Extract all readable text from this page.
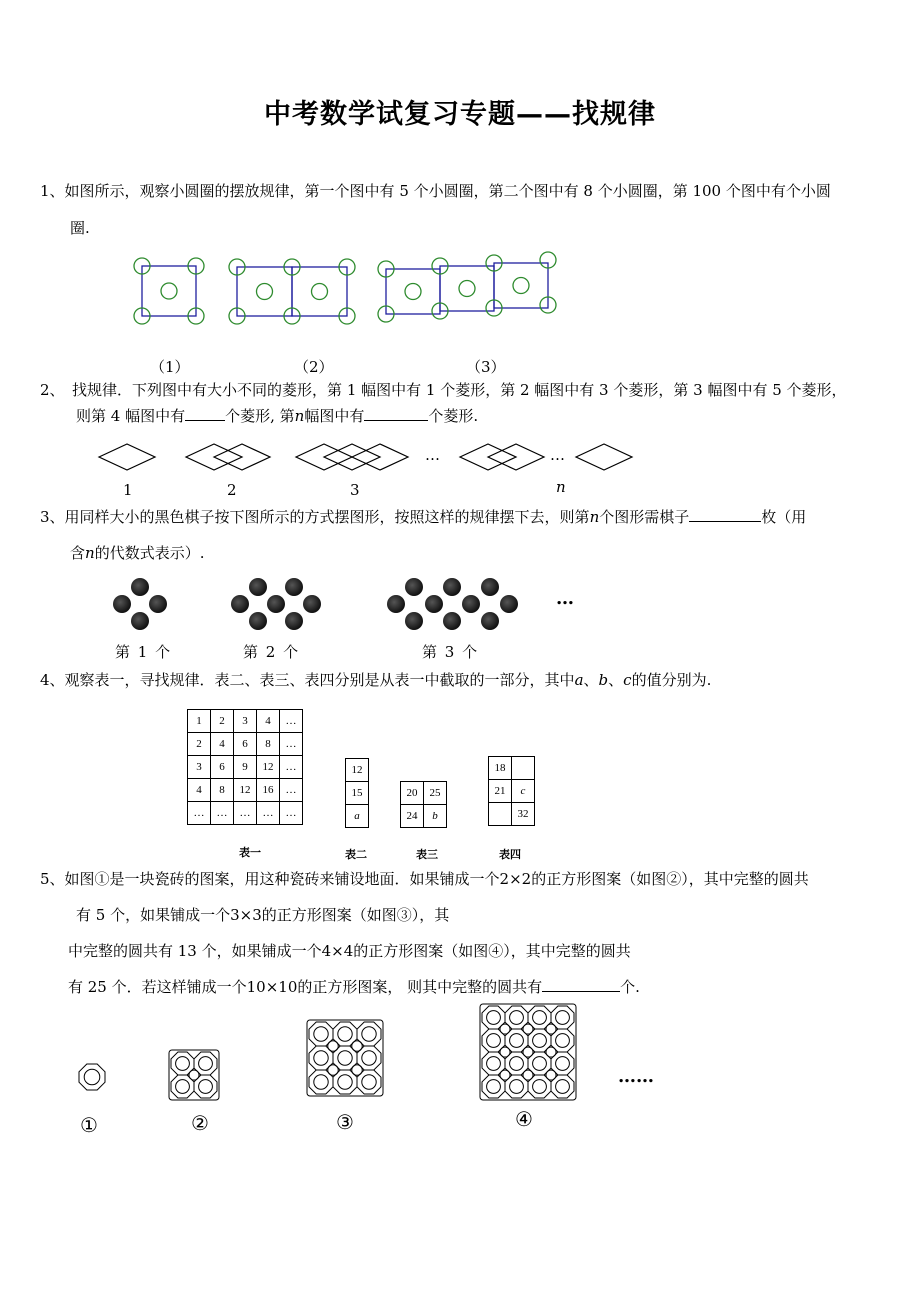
中考数学试复习专题——找规律
1、如图所示，观察小圆圈的摆放规律，第一个图中有 5 个小圆圈，第二个图中有 8 个小圆圈，第 100 个图中有个小圆
圈.
（1）	（2）	（3）
2、　找规律．下列图中有大小不同的菱形，第 1 幅图中有 1 个菱形，第 2 幅图中有 3 个菱形，第 3 幅图中有 5 个菱形，
则第 4 幅图中有	个菱形, 第n幅图中有	个菱形.
…	…
1	2	3	n
3、用同样大小的黑色棋子按下图所示的方式摆图形，按照这样的规律摆下去，则第n个图形需棋子	枚（用
含n的代数式表示）.
…
第 1 个	第 2 个	第 3 个
4、观察表一，寻找规律．表二、表三、表四分别是从表一中截取的一部分，其中a、b、c的值分别为.
1	2	3	4	…
2	4	6	8	…
3	6	9	12	…
4	8	12	16	…
…	…	…	…	…
12
15
a
20	25
24	b
18	
21	c
	32
表一	表二	表三	表四
5、如图①是一块瓷砖的图案，用这种瓷砖来铺设地面．如果铺成一个2×2的正方形图案（如图②），其中完整的圆共
有 5 个，如果铺成一个3×3的正方形图案（如图③），其
中完整的圆共有 13 个，如果铺成一个4×4的正方形图案（如图④），其中完整的圆共
有 25 个．若这样铺成一个10×10的正方形图案， 则其中完整的圆共有	个.
……
①	②	③	④
